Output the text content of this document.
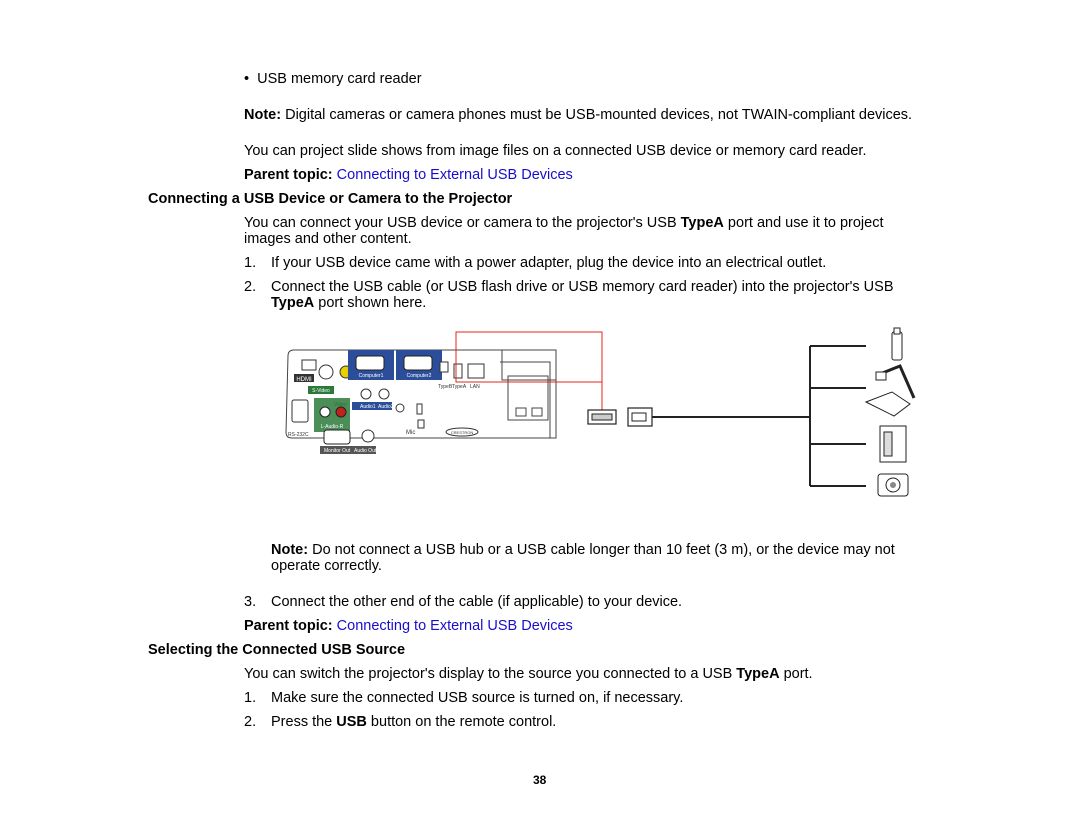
• USB memory card reader
Note: Digital cameras or camera phones must be USB-mounted devices, not TWAIN-compliant devices.
You can project slide shows from image files on a connected USB device or memory card reader.
Parent topic: Connecting to External USB Devices
Connecting a USB Device or Camera to the Projector
You can connect your USB device or camera to the projector's USB TypeA port and use it to project
images and other content.
1. If your USB device came with a power adapter, plug the device into an electrical outlet.
2. Connect the USB cable (or USB flash drive or USB memory card reader) into the projector's USB
TypeA port shown here.
HDMI
S-Video
L-Audio-R
Computer1	Computer2
Audio1 Audio2
RS-232C
Monitor Out Audio Out
Mic
TypeB TypeA LAN
CRESTRON
Note: Do not connect a USB hub or a USB cable longer than 10 feet (3 m), or the device may not
operate correctly.
3. Connect the other end of the cable (if applicable) to your device.
Parent topic: Connecting to External USB Devices
Selecting the Connected USB Source
You can switch the projector's display to the source you connected to a USB TypeA port.
1. Make sure the connected USB source is turned on, if necessary.
2. Press the USB button on the remote control.
38
